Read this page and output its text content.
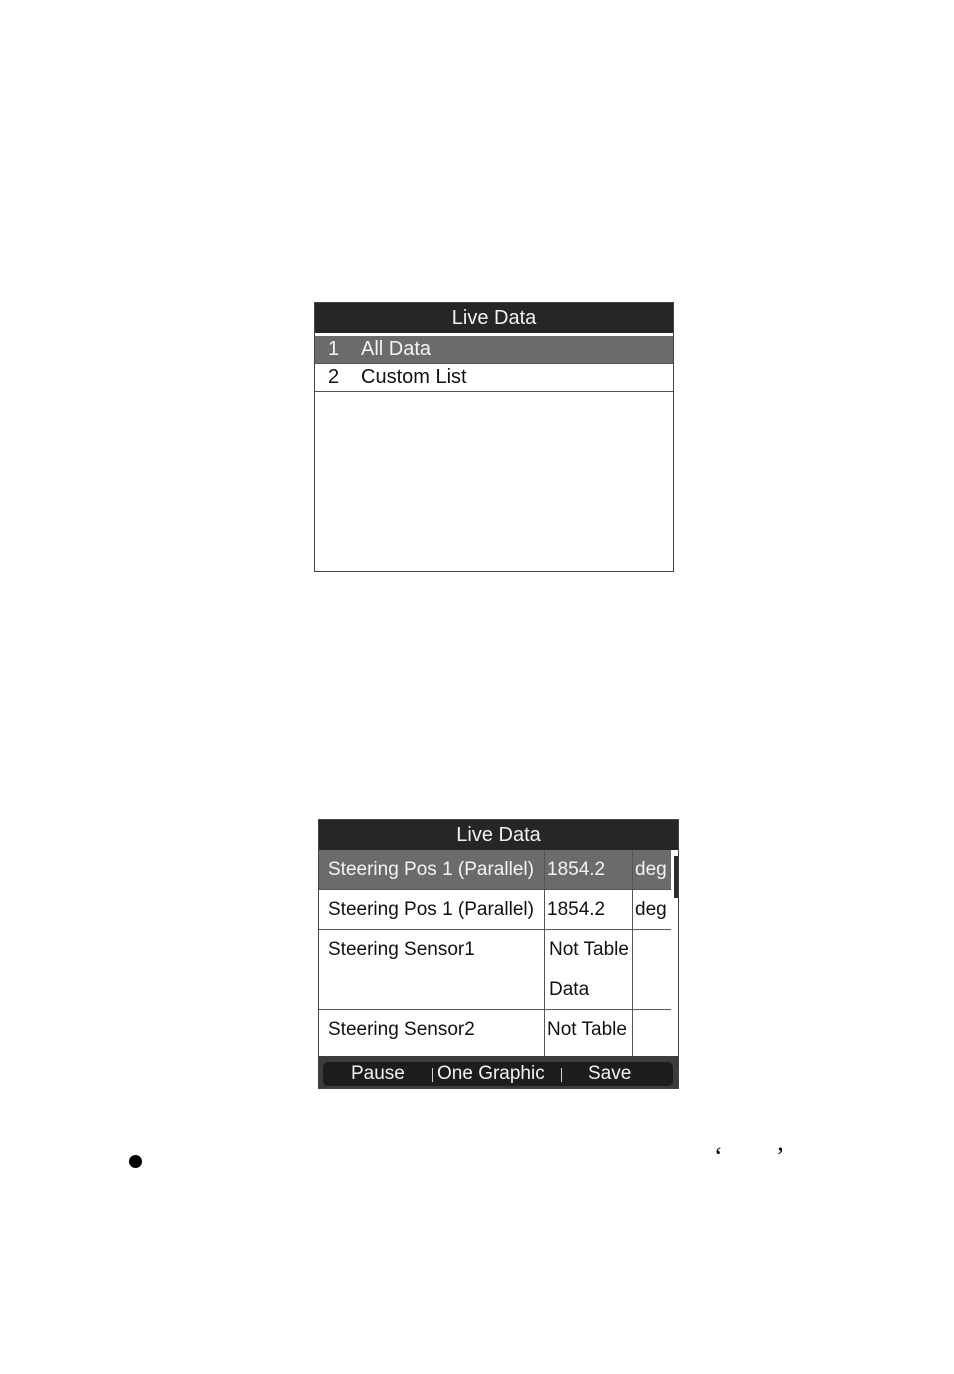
Live Data
1 All Data
2 Custom List
Live Data
Steering Pos 1 (Parallel) 1854.2	deg
Steering Pos 1 (Parallel) 1854.2	deg
Steering Sensor1	Not Table Data
Steering Sensor2	Not Table
Pause One Graphic Save
‘ ’
